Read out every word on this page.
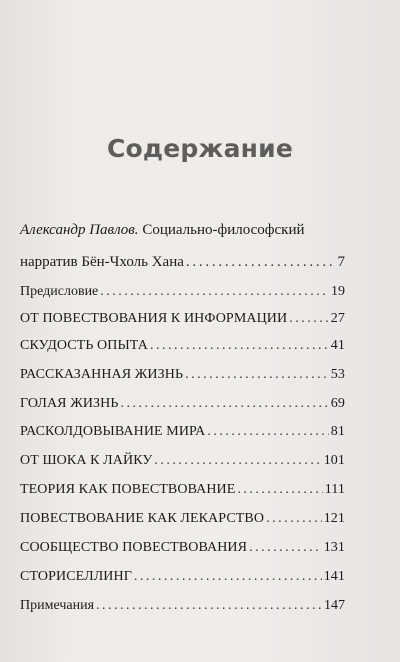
Содержание
Александр Павлов. Социально-философский
нарратив Бён-Чхоль Хана . . .	7
Предисловие . . .	19
ОТ ПОВЕСТВОВАНИЯ К ИНФОРМАЦИИ . . .	27
СКУДОСТЬ ОПЫТА . . .	41
РАССКАЗАННАЯ ЖИЗНЬ . . .	53
ГОЛАЯ ЖИЗНЬ . . .	69
РАСКОЛДОВЫВАНИЕ МИРА . . .	81
ОТ ШОКА К ЛАЙКУ . . .	101
ТЕОРИЯ КАК ПОВЕСТВОВАНИЕ . . .	111
ПОВЕСТВОВАНИЕ КАК ЛЕКАРСТВО . . .	121
СООБЩЕСТВО ПОВЕСТВОВАНИЯ . . .	131
СТОРИСЕЛЛИНГ . . .	141
Примечания . . .	147
